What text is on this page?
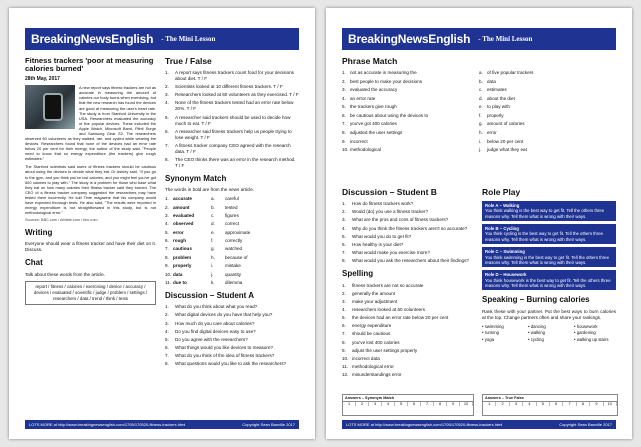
BreakingNewsEnglish - The Mini Lesson
Fitness trackers 'poor at measuring calories burned'
28th May, 2017
A new report says fitness trackers are not as accurate in measuring the amount of calories our body burns when exercising, but that the new research has found the devices are good at measuring the user's heart rate. The study is from Stanford University in the USA. Researchers evaluated the accuracy of five popular devices. These included the Apple Watch, Microsoft Band, Fitbit Surge and Samsung Gear S2. The researchers observed 60 volunteers as they walked, ran, and cycled while wearing the devices. Researchers found that none of the devices had an error rate below 20 per cent for their energy, the author of the study said. "People need to know that so energy expenditure (the trackers) give rough estimates."
The Stanford scientists said users of fitness trackers should be cautious about using the devices to decide what they eat. Dr Ashley said, "If you go to the gym, and you think you've lost calories, and you might feel you've got 600 calories to play with." The study is a problem for those who base what they eat on how many calories their fitness tracker said they burned. The CEO of a fitness tracker company suggested the researchers may have tested them incorrectly. He told Time magazine that his company would have expected thorough tests. He also said, "The results were reported in energy expenditure is not straightforward in this study, but is not methodological error."
Sources: BBC.com / Athlete.com / bbc.com
Writing
Everyone should wear a fitness tracker and have their diet on it. Discuss.
Chat
Talk about these words from the article.
report / fitness / calories / exercising / device / accuracy / devices / evaluated / scientific / judge / problem / settings / researchers / data / trend / think / tests
True / False
1.	A report says fitness trackers count food for your decisions about diet. T / F
2.	Scientists looked at 10 different fitness trackers. T / F
3.	Researchers looked at 60 volunteers as they exercised. T / F
4.	None of the fitness trackers tested had an error rate below 20%. T / F
5.	A researcher said trackers should be used to decide how much to eat. T / F
6.	A researcher said fitness trackers help us people trying to lose weight. T / F
7.	A fitness tracker company CEO agreed with the research data. T / F
8.	The CEO thinks there was an error in the research method. T / F
Synonym Match
The words in bold are from the news article.
1. accurate	a.	careful
2. amount	b.	tested
3. evaluated	c.	figures
4. observed	d.	correct
5. error	e.	approximate
6. rough	f.	correctly
7. cautious	g.	watched
8. problem	h.	because of
9. properly	i.	mistake
10. data	j.	quantity
11. due to	k.	dilemma
Discussion – Student A
1.	What do you think about what you read?
2.	What digital devices do you have that help you?
3.	How much do you care about calories?
4.	Do you find digital devices easy to use?
5.	Do you agree with the researchers?
6.	What things would you like devices to measure?
7.	What do you think of the idea of fitness trackers?
8.	What questions would you like to ask the researchers?
LOTS MORE at http://www.breakingnewsenglish.com/1705/170520-fitness-trackers.html	Copyright Sean Banville 2017
BreakingNewsEnglish - The Mini Lesson
Phrase Match
1. not as accurate in measuring the
2. best people to make your decisions
3. evaluated the accuracy
4. an error rate
5. the trackers give rough
6. be cautious about using the devices to
7. you've got 400 calories
8. adjusted the user settings
9. incorrect
10. methodological
a. of five popular trackers
b. data
c. estimates
d. about the diet
e. to play with
f.	properly
g. amount of calories
h. error
i.	below 20 per cent
j.	judge what they eat
Discussion – Student B
1.	How do fitness trackers work?
2.	Would (do) you use a fitness tracker?
3.	What are the pros and cons of fitness trackers?
4.	Why do you think the fitness trackers aren't so accurate?
5.	What would you do to get fit?
6.	How healthy is your diet?
7.	What would make you exercise more?
8.	What would you ask the researchers about their findings?
Spelling
1.	fitness trackers are not so accurate
2.	generally the amount
3.	make your adjustment
4.	researchers looked at 60 volunteers
5.	the devices had an error rate below 20 per cent
6.	energy expenditure
7.	should be cautious
8.	you've lost 400 calories
9.	adjust the user settings properly
10. incorrect data
11. methodological error
12. misunderstandings error
Role Play
Role A – Walking
You think walking is the best way to get fit. Tell the others three reasons why. Tell them what is wrong with their ways.
Role B – Cycling
You think cycling is the best way to get fit. Tell the others three reasons why. Tell them what is wrong with their ways.
Role C – Swimming
You think swimming is the best way to get fit. Tell the others three reasons why. Tell them what is wrong with their ways.
Role D – Housework
You think housework is the best way to get fit. Tell the others three reasons why. Tell them what is wrong with their ways.
Speaking – Burning calories
Rank these with your partner. Put the best ways to burn calories at the top. Change partners often and share your rankings.
• swimming	• dancing	• housework
• running	• walking	• gardening
• yoga	• cycling	• walking up stairs
Answers – Synonym Match
1	2	3	4	5	6	7	8	9	10
Answers – True False
1	2	3	4	5	6	7	8	9	10
LOTS MORE at http://www.breakingnewsenglish.com/1705/170520-fitness-trackers.html	Copyright Sean Banville 2017
